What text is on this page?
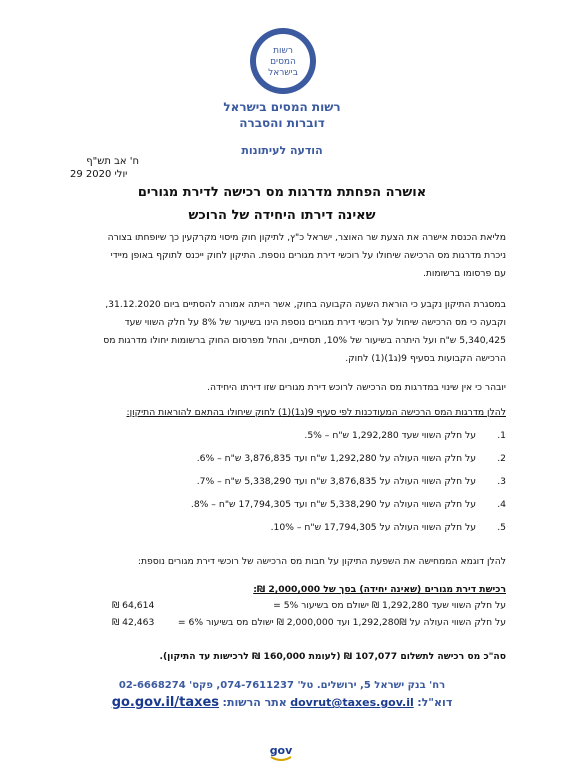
רשות
המסים
בישראל
רשות המסים בישראל
דוברות והסברה
הודעה לעיתונות
ח' אב תש"ף
29 יולי 2020
אושרה הפחתת מדרגות מס רכישה לדירת מגורים
שאינה דירתו היחידה של הרוכש
מליאת הכנסת אישרה את הצעת שר האוצר, ישראל כ"ץ, לתיקון חוק מיסוי מקרקעין כך שיופחתו בצורה
ניכרת מדרגות מס הרכישה שיחולו על רוכשי דירת מגורים נוספת. התיקון לחוק ייכנס לתוקף באופן מיידי
עם פרסומו ברשומות.
במסגרת התיקון נקבע כי הוראת השעה הקבועה בחוק, אשר הייתה אמורה להסתיים ביום 31.12.2020,
וקבעה כי מס הרכישה שיחול על רוכשי דירת מגורים נוספת הינו בשיעור של 8% על חלק השווי שעד
5,340,425 ש"ח ועל היתרה בשיעור של 10%, תסתיים, והחל מפרסום החוק ברשומות יחולו מדרגות מס
הרכישה הקבועות בסעיף 9(ג1)(1) לחוק.
יובהר כי אין שינוי במדרגות מס הרכישה לרוכש דירת מגורים שזו דירתו היחידה.
להלן מדרגות המס הרכישה המעודכנות לפי סעיף 9(ג1)(1) לחוק שיחולו בהתאם להוראות התיקון:
1.
על חלק השווי שעד 1,292,280 ש"ח – 5%.
2.
על חלק השווי העולה על 1,292,280 ש"ח ועד 3,876,835 ש"ח – 6%.
3.
על חלק השווי העולה על 3,876,835 ש"ח ועד 5,338,290 ש"ח – 7%.
4.
על חלק השווי העולה על 5,338,290 ש"ח ועד 17,794,305 ש"ח – 8%.
5.
על חלק השווי העולה על 17,794,305 ש"ח – 10%.
להלן דוגמא הממחישה את השפעת התיקון על חבות מס הרכישה של רוכשי דירת מגורים נוספת:
רכישת דירת מגורים (שאינה יחידה) בסך של 2,000,000 ₪:
על חלק השווי שעד 1,292,280 ₪ ישולם מס בשיעור 5% =
64,614 ₪
על חלק השווי העולה על 1,292,280₪ ועד 2,000,000 ₪ ישולם מס בשיעור 6% =
42,463 ₪
סה"כ מס רכישה לתשלום 107,077 ₪ (לעומת 160,000 ₪ לרכישות עד התיקון).
רח' בנק ישראל 5, ירושלים. טל' 074-7611237, פקס' 02-6668274
דוא"ל: dovrut@taxes.gov.il אתר הרשות: go.gov.il/taxes
gov
